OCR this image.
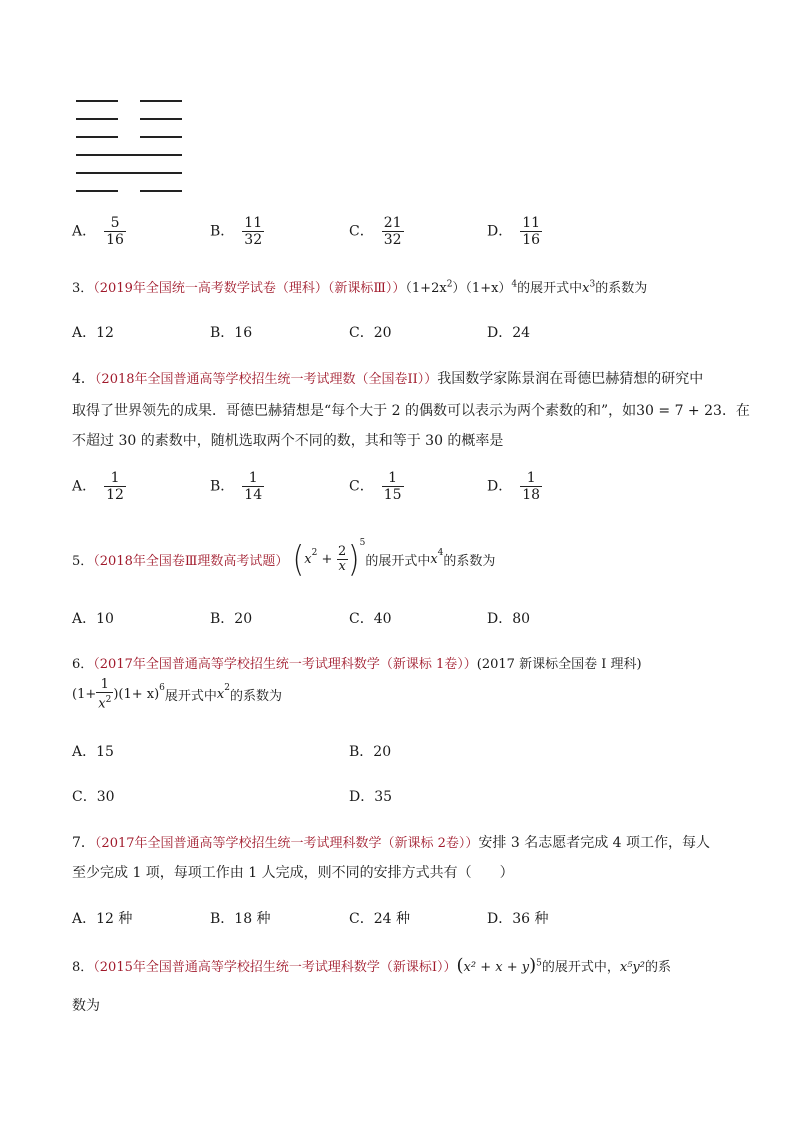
A． $\frac{5}{16}$	B． $\frac{11}{32}$	C． $\frac{21}{32}$	D． $\frac{11}{16}$
3．（2019年全国统一高考数学试卷（理科）（新课标$Ⅲ))(1+2x^2)(1+x)^4$的展开式中$x^3$的系数为
A．12	B．16	C．20	D．24
4．（2018年全国普通高等学校招生统一考试理数（全国卷II））我国数学家陈景润在哥德巴赫猜想的研究中
取得了世界领先的成果．哥德巴赫猜想是“每个大于 2 的偶数可以表示为两个素数的和”，如30 = 7 + 23．在
不超过 30 的素数中，随机选取两个不同的数，其和等于 30 的概率是
A． $\frac{1}{12}$	B． $\frac{1}{14}$	C． $\frac{1}{15}$	D． $\frac{1}{18}$
5．（2018年全国卷Ⅲ理数高考试题） $(x^2 + \frac{2}{x} )^5$的展开式中$x^4$的系数为
A．10	B．20	C．40	D．80
6．（2017年全国普通高等学校招生统一考试理科数学（新课标 1卷））(2017 新课标全国卷 I 理科)
$(1+ \frac{1}{x^2} )(1+ x)^6$展开式中$x^2$的系数为
A．15	B．20
C．30	D．35
7．（2017年全国普通高等学校招生统一考试理科数学（新课标 2卷））安排 3 名志愿者完成 4 项工作，每人
至少完成 1 项，每项工作由 1 人完成，则不同的安排方式共有（　　）
A．12 种	B．18 种	C．24 种	D．36 种
8．（2015年全国普通高等学校招生统一考试理科数学（新课标Ⅰ））(x² + x + y)$^5$的展开式中，x⁵y²的系
数为
